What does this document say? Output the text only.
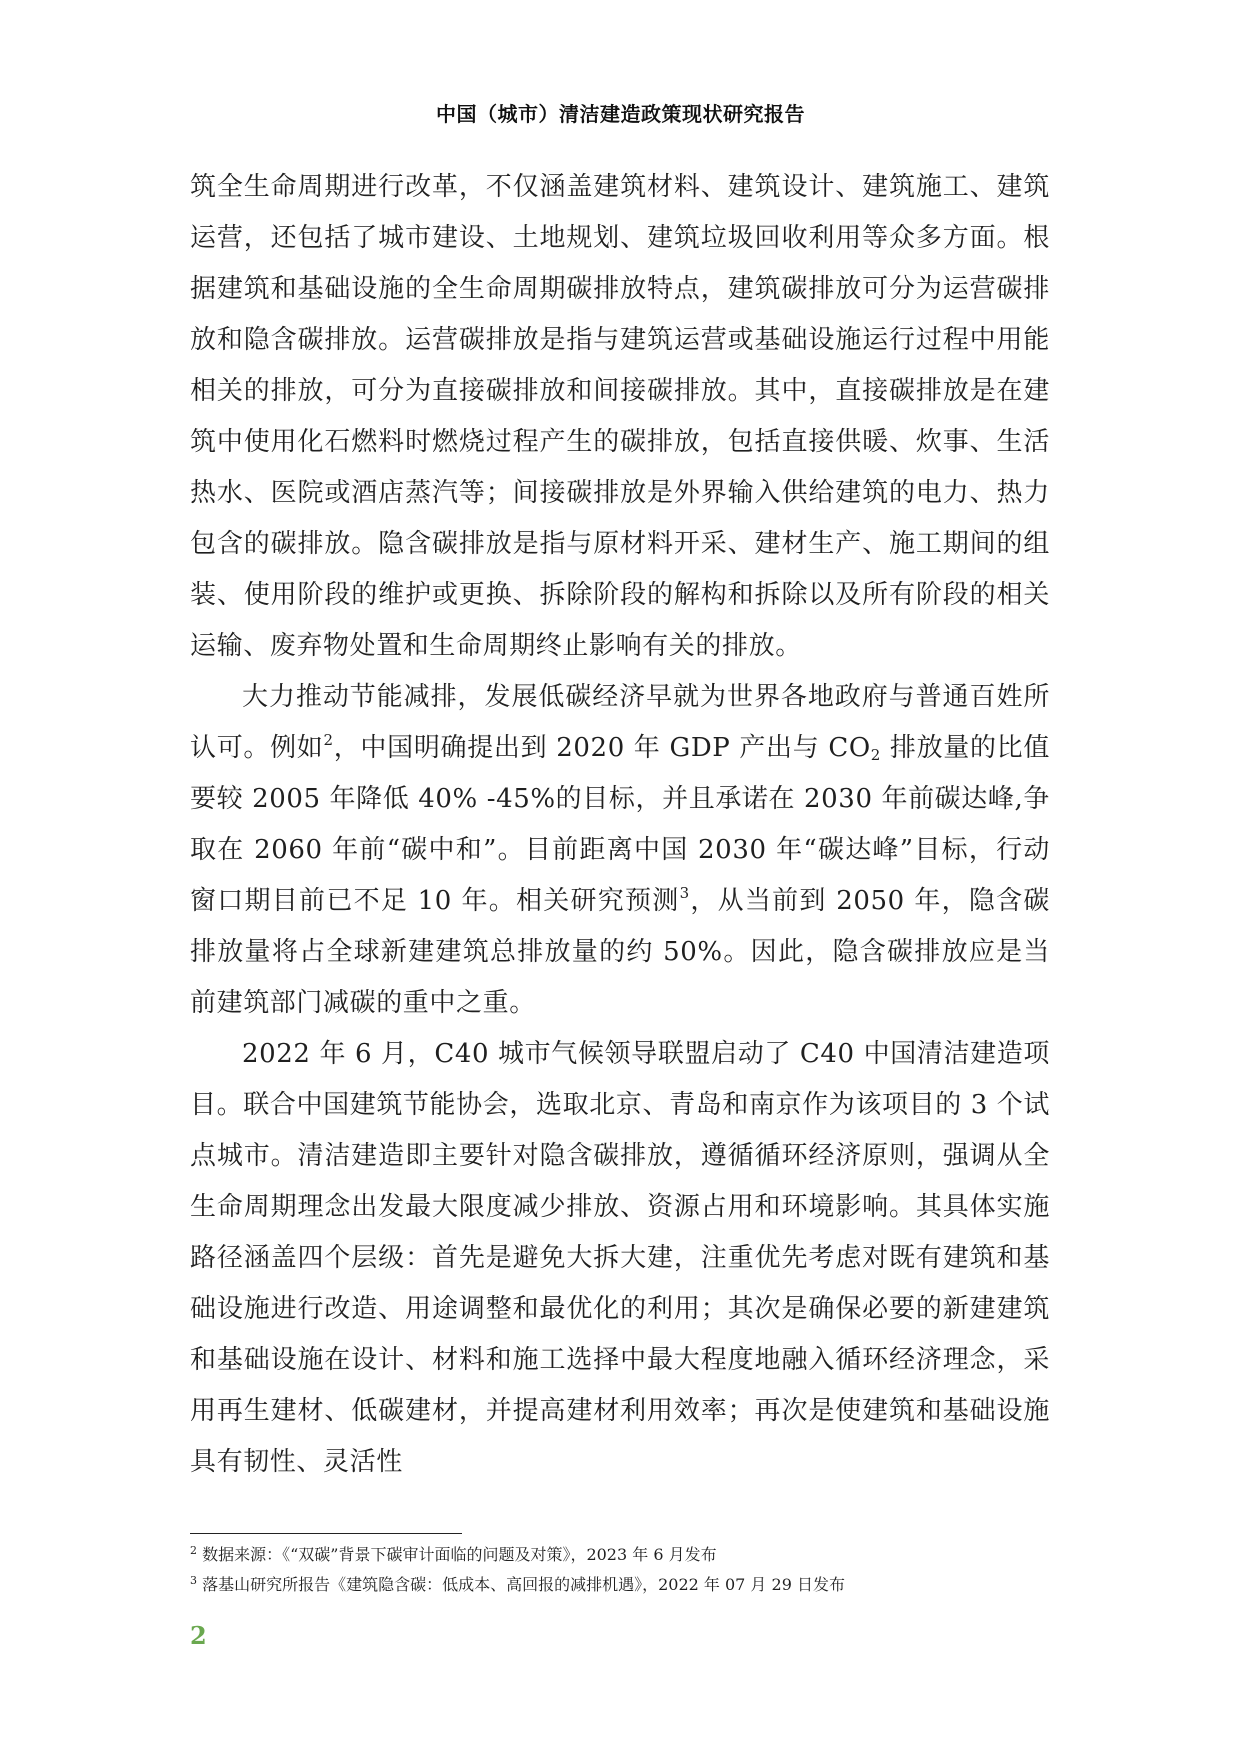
中国（城市）清洁建造政策现状研究报告

筑全生命周期进行改革，不仅涵盖建筑材料、建筑设计、建筑施工、建筑运营，还包括了城市建设、土地规划、建筑垃圾回收利用等众多方面。根据建筑和基础设施的全生命周期碳排放特点，建筑碳排放可分为运营碳排放和隐含碳排放。运营碳排放是指与建筑运营或基础设施运行过程中用能相关的排放，可分为直接碳排放和间接碳排放。其中，直接碳排放是在建筑中使用化石燃料时燃烧过程产生的碳排放，包括直接供暖、炊事、生活热水、医院或酒店蒸汽等；间接碳排放是外界输入供给建筑的电力、热力包含的碳排放。隐含碳排放是指与原材料开采、建材生产、施工期间的组装、使用阶段的维护或更换、拆除阶段的解构和拆除以及所有阶段的相关运输、废弃物处置和生命周期终止影响有关的排放。

大力推动节能减排，发展低碳经济早就为世界各地政府与普通百姓所认可。例如$^2$，中国明确提出到 2020 年 GDP 产出与 $CO_2$ 排放量的比值要较 2005 年降低 40% -45%的目标，并且承诺在 2030 年前碳达峰,争取在 2060 年前“碳中和”。目前距离中国 2030 年“碳达峰”目标，行动窗口期目前已不足 10 年。相关研究预测$^3$，从当前到 2050 年，隐含碳排放量将占全球新建建筑总排放量的约 50%。因此，隐含碳排放应是当前建筑部门减碳的重中之重。

2022 年 6 月，C40 城市气候领导联盟启动了 C40 中国清洁建造项目。联合中国建筑节能协会，选取北京、青岛和南京作为该项目的 3 个试点城市。清洁建造即主要针对隐含碳排放，遵循循环经济原则，强调从全生命周期理念出发最大限度减少排放、资源占用和环境影响。其具体实施路径涵盖四个层级：首先是避免大拆大建，注重优先考虑对既有建筑和基础设施进行改造、用途调整和最优化的利用；其次是确保必要的新建建筑和基础设施在设计、材料和施工选择中最大程度地融入循环经济理念，采用再生建材、低碳建材，并提高建材利用效率；再次是使建筑和基础设施具有韧性、灵活性

$^2$ 数据来源：《“双碳”背景下碳审计面临的问题及对策》，2023 年 6 月发布

$^3$ 落基山研究所报告《建筑隐含碳：低成本、高回报的减排机遇》，2022 年 07 月 29 日发布

2
